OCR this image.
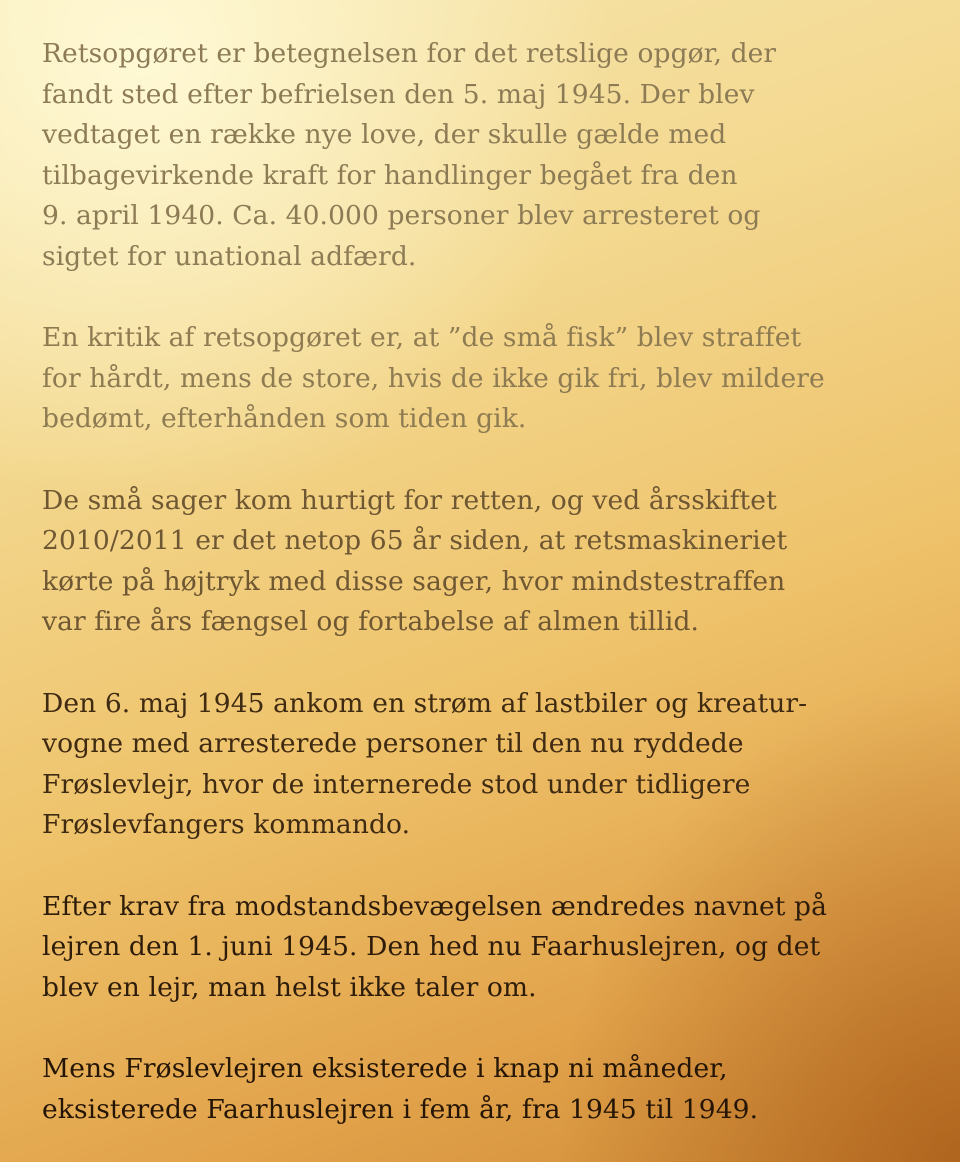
Retsopgøret er betegnelsen for det retslige opgør, der
fandt sted efter befrielsen den 5. maj 1945. Der blev
vedtaget en række nye love, der skulle gælde med
tilbagevirkende kraft for handlinger begået fra den
9. april 1940. Ca. 40.000 personer blev arresteret og
sigtet for unational adfærd.

En kritik af retsopgøret er, at ”de små fisk” blev straffet
for hårdt, mens de store, hvis de ikke gik fri, blev mildere
bedømt, efterhånden som tiden gik.

De små sager kom hurtigt for retten, og ved årsskiftet
2010/2011 er det netop 65 år siden, at retsmaskineriet
kørte på højtryk med disse sager, hvor mindstestraffen
var fire års fængsel og fortabelse af almen tillid.

Den 6. maj 1945 ankom en strøm af lastbiler og kreatur-
vogne med arresterede personer til den nu ryddede
Frøslevlejr, hvor de internerede stod under tidligere
Frøslevfangers kommando.

Efter krav fra modstandsbevægelsen ændredes navnet på
lejren den 1. juni 1945. Den hed nu Faarhuslejren, og det
blev en lejr, man helst ikke taler om.

Mens Frøslevlejren eksisterede i knap ni måneder,
eksisterede Faarhuslejren i fem år, fra 1945 til 1949.
